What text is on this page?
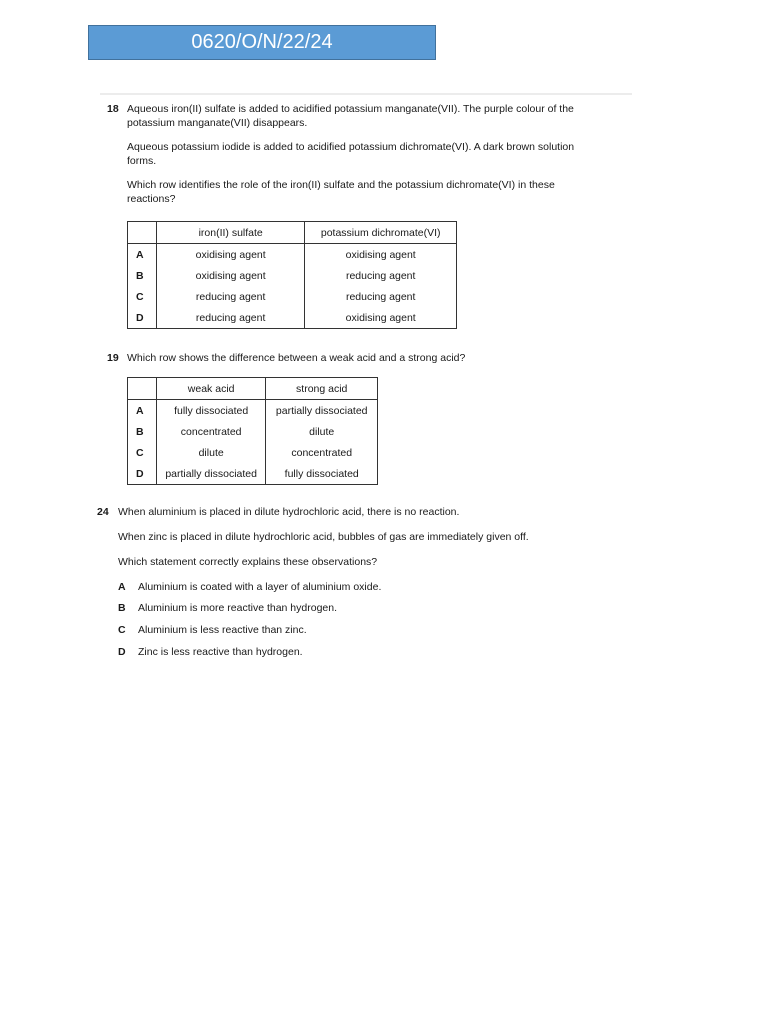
0620/O/N/22/24
18 Aqueous iron(II) sulfate is added to acidified potassium manganate(VII). The purple colour of the potassium manganate(VII) disappears.

Aqueous potassium iodide is added to acidified potassium dichromate(VI). A dark brown solution forms.

Which row identifies the role of the iron(II) sulfate and the potassium dichromate(VI) in these reactions?

	iron(II) sulfate	potassium dichromate(VI)
A	oxidising agent	oxidising agent
B	oxidising agent	reducing agent
C	reducing agent	reducing agent
D	reducing agent	oxidising agent
19 Which row shows the difference between a weak acid and a strong acid?
	weak acid	strong acid
A	fully dissociated	partially dissociated
B	concentrated	dilute
C	dilute	concentrated
D	partially dissociated	fully dissociated
24 When aluminium is placed in dilute hydrochloric acid, there is no reaction.
When zinc is placed in dilute hydrochloric acid, bubbles of gas are immediately given off.
Which statement correctly explains these observations?
A Aluminium is coated with a layer of aluminium oxide.
B Aluminium is more reactive than hydrogen.
C Aluminium is less reactive than zinc.
D Zinc is less reactive than hydrogen.
